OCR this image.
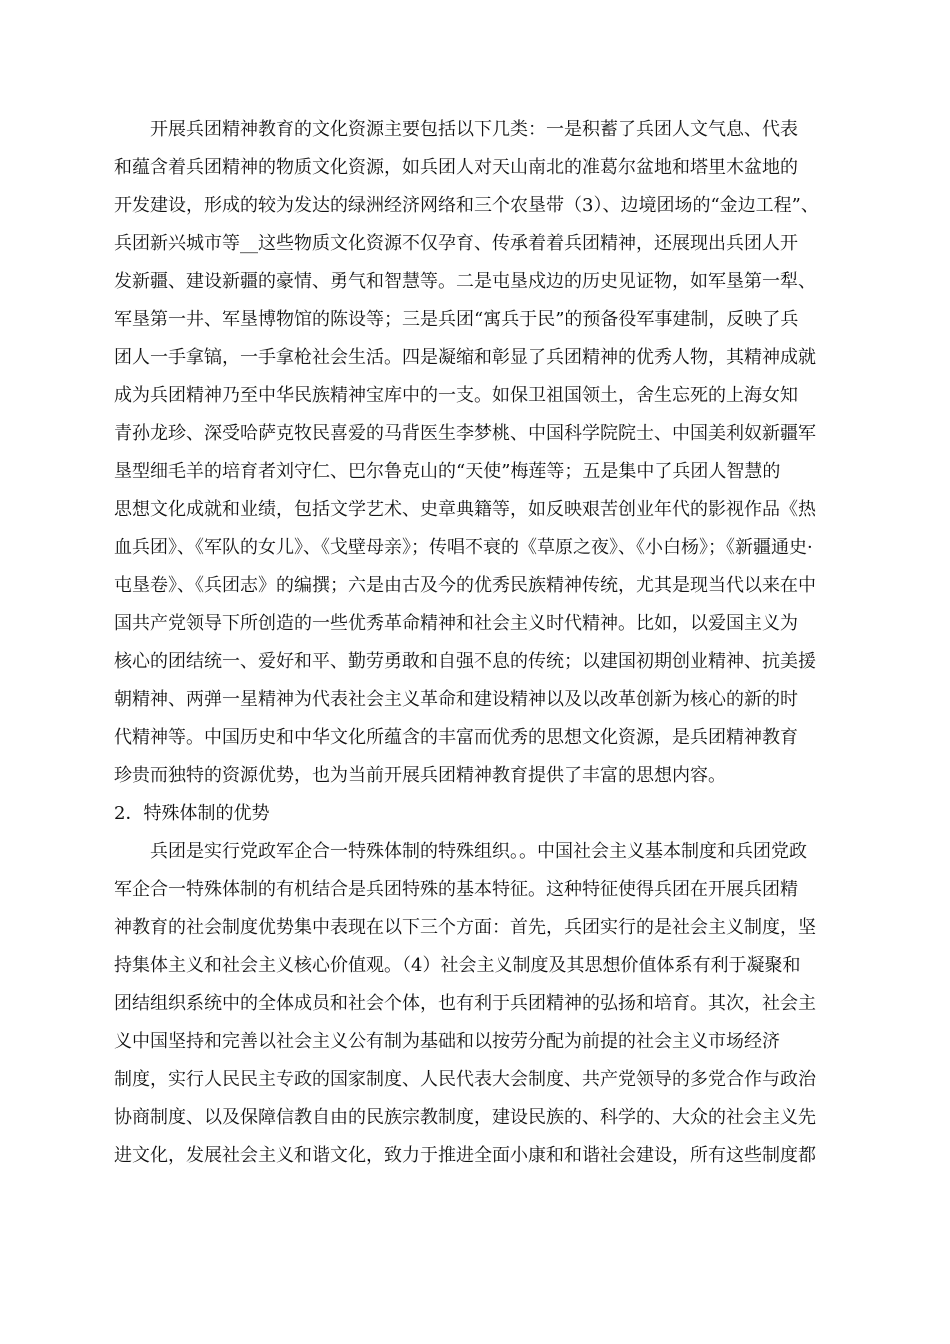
开展兵团精神教育的文化资源主要包括以下几类：一是积蓄了兵团人文气息、代表
和蕴含着兵团精神的物质文化资源，如兵团人对天山南北的准葛尔盆地和塔里木盆地的
开发建设，形成的较为发达的绿洲经济网络和三个农垦带（3）、边境团场的“金边工程”、
兵团新兴城市等__这些物质文化资源不仅孕育、传承着着兵团精神，还展现出兵团人开
发新疆、建设新疆的豪情、勇气和智慧等。二是屯垦戍边的历史见证物，如军垦第一犁、
军垦第一井、军垦博物馆的陈设等；三是兵团“寓兵于民”的预备役军事建制，反映了兵
团人一手拿镐，一手拿枪社会生活。四是凝缩和彰显了兵团精神的优秀人物，其精神成就
成为兵团精神乃至中华民族精神宝库中的一支。如保卫祖国领土，舍生忘死的上海女知
青孙龙珍、深受哈萨克牧民喜爱的马背医生李梦桃、中国科学院院士、中国美利奴新疆军
垦型细毛羊的培育者刘守仁、巴尔鲁克山的“天使”梅莲等；五是集中了兵团人智慧的
思想文化成就和业绩，包括文学艺术、史章典籍等，如反映艰苦创业年代的影视作品《热
血兵团》、《军队的女儿》、《戈壁母亲》；传唱不衰的《草原之夜》、《小白杨》；《新疆通史·
屯垦卷》、《兵团志》的编撰；六是由古及今的优秀民族精神传统，尤其是现当代以来在中
国共产党领导下所创造的一些优秀革命精神和社会主义时代精神。比如，以爱国主义为
核心的团结统一、爱好和平、勤劳勇敢和自强不息的传统；以建国初期创业精神、抗美援
朝精神、两弹一星精神为代表社会主义革命和建设精神以及以改革创新为核心的新的时
代精神等。中国历史和中华文化所蕴含的丰富而优秀的思想文化资源，是兵团精神教育
珍贵而独特的资源优势，也为当前开展兵团精神教育提供了丰富的思想内容。
2．特殊体制的优势
兵团是实行党政军企合一特殊体制的特殊组织。。中国社会主义基本制度和兵团党政
军企合一特殊体制的有机结合是兵团特殊的基本特征。这种特征使得兵团在开展兵团精
神教育的社会制度优势集中表现在以下三个方面：首先，兵团实行的是社会主义制度，坚
持集体主义和社会主义核心价值观。（4）社会主义制度及其思想价值体系有利于凝聚和
团结组织系统中的全体成员和社会个体，也有利于兵团精神的弘扬和培育。其次，社会主
义中国坚持和完善以社会主义公有制为基础和以按劳分配为前提的社会主义市场经济
制度，实行人民民主专政的国家制度、人民代表大会制度、共产党领导的多党合作与政治
协商制度、以及保障信教自由的民族宗教制度，建设民族的、科学的、大众的社会主义先
进文化，发展社会主义和谐文化，致力于推进全面小康和和谐社会建设，所有这些制度都
